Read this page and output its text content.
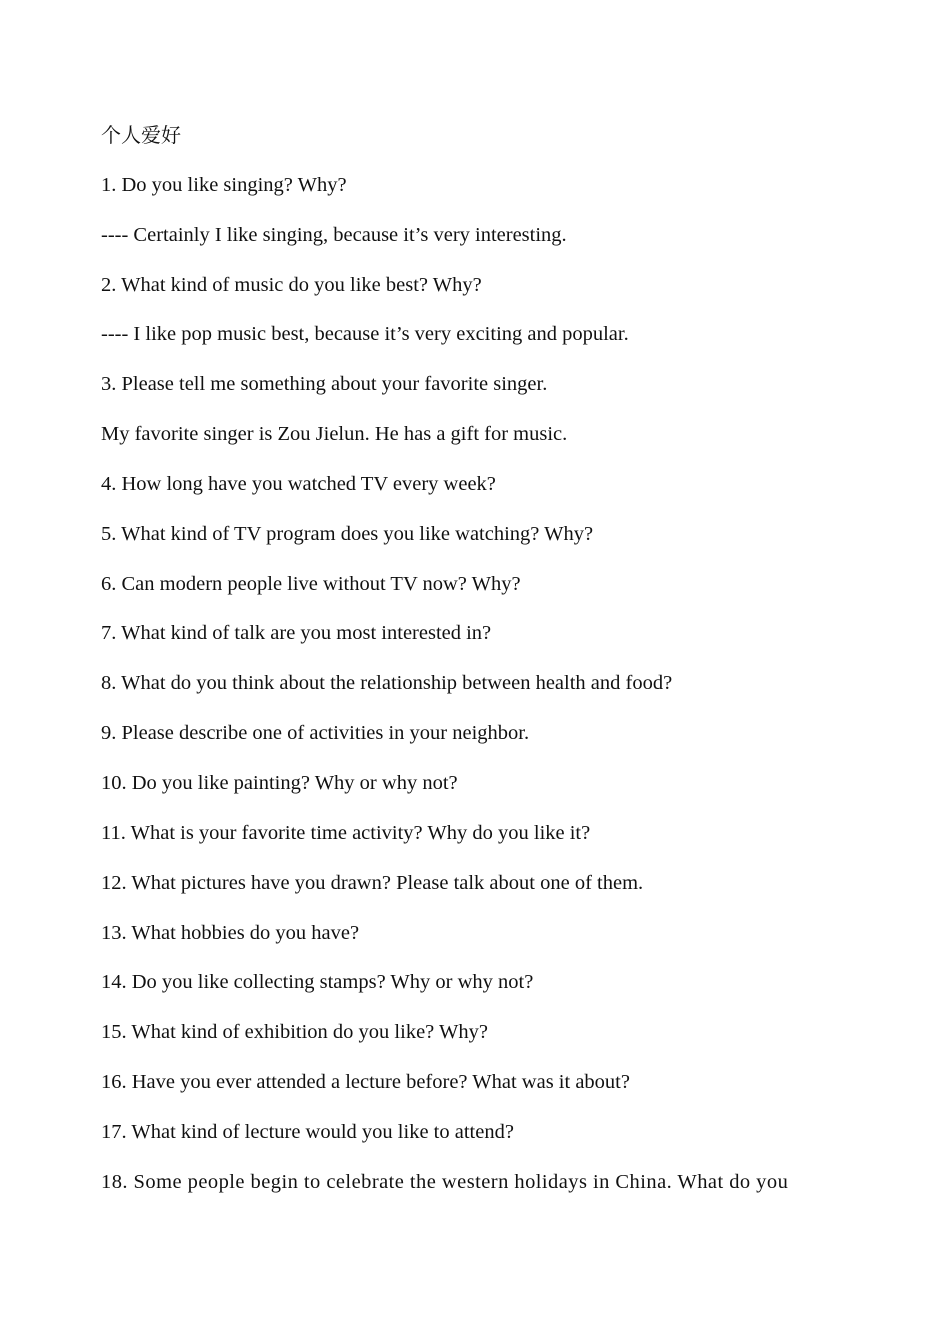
个人爱好
1. Do you like singing? Why?
---- Certainly I like singing, because it’s very interesting.
2. What kind of music do you like best? Why?
---- I like pop music best, because it’s very exciting and popular.
3. Please tell me something about your favorite singer.
My favorite singer is Zou Jielun. He has a gift for music.
4. How long have you watched TV every week?
5. What kind of TV program does you like watching? Why?
6. Can modern people live without TV now? Why?
7. What kind of talk are you most interested in?
8. What do you think about the relationship between health and food?
9. Please describe one of activities in your neighbor.
10. Do you like painting? Why or why not?
11. What is your favorite time activity? Why do you like it?
12. What pictures have you drawn? Please talk about one of them.
13. What hobbies do you have?
14. Do you like collecting stamps? Why or why not?
15. What kind of exhibition do you like? Why?
16. Have you ever attended a lecture before? What was it about?
17. What kind of lecture would you like to attend?
18. Some people begin to celebrate the western holidays in China. What do you
